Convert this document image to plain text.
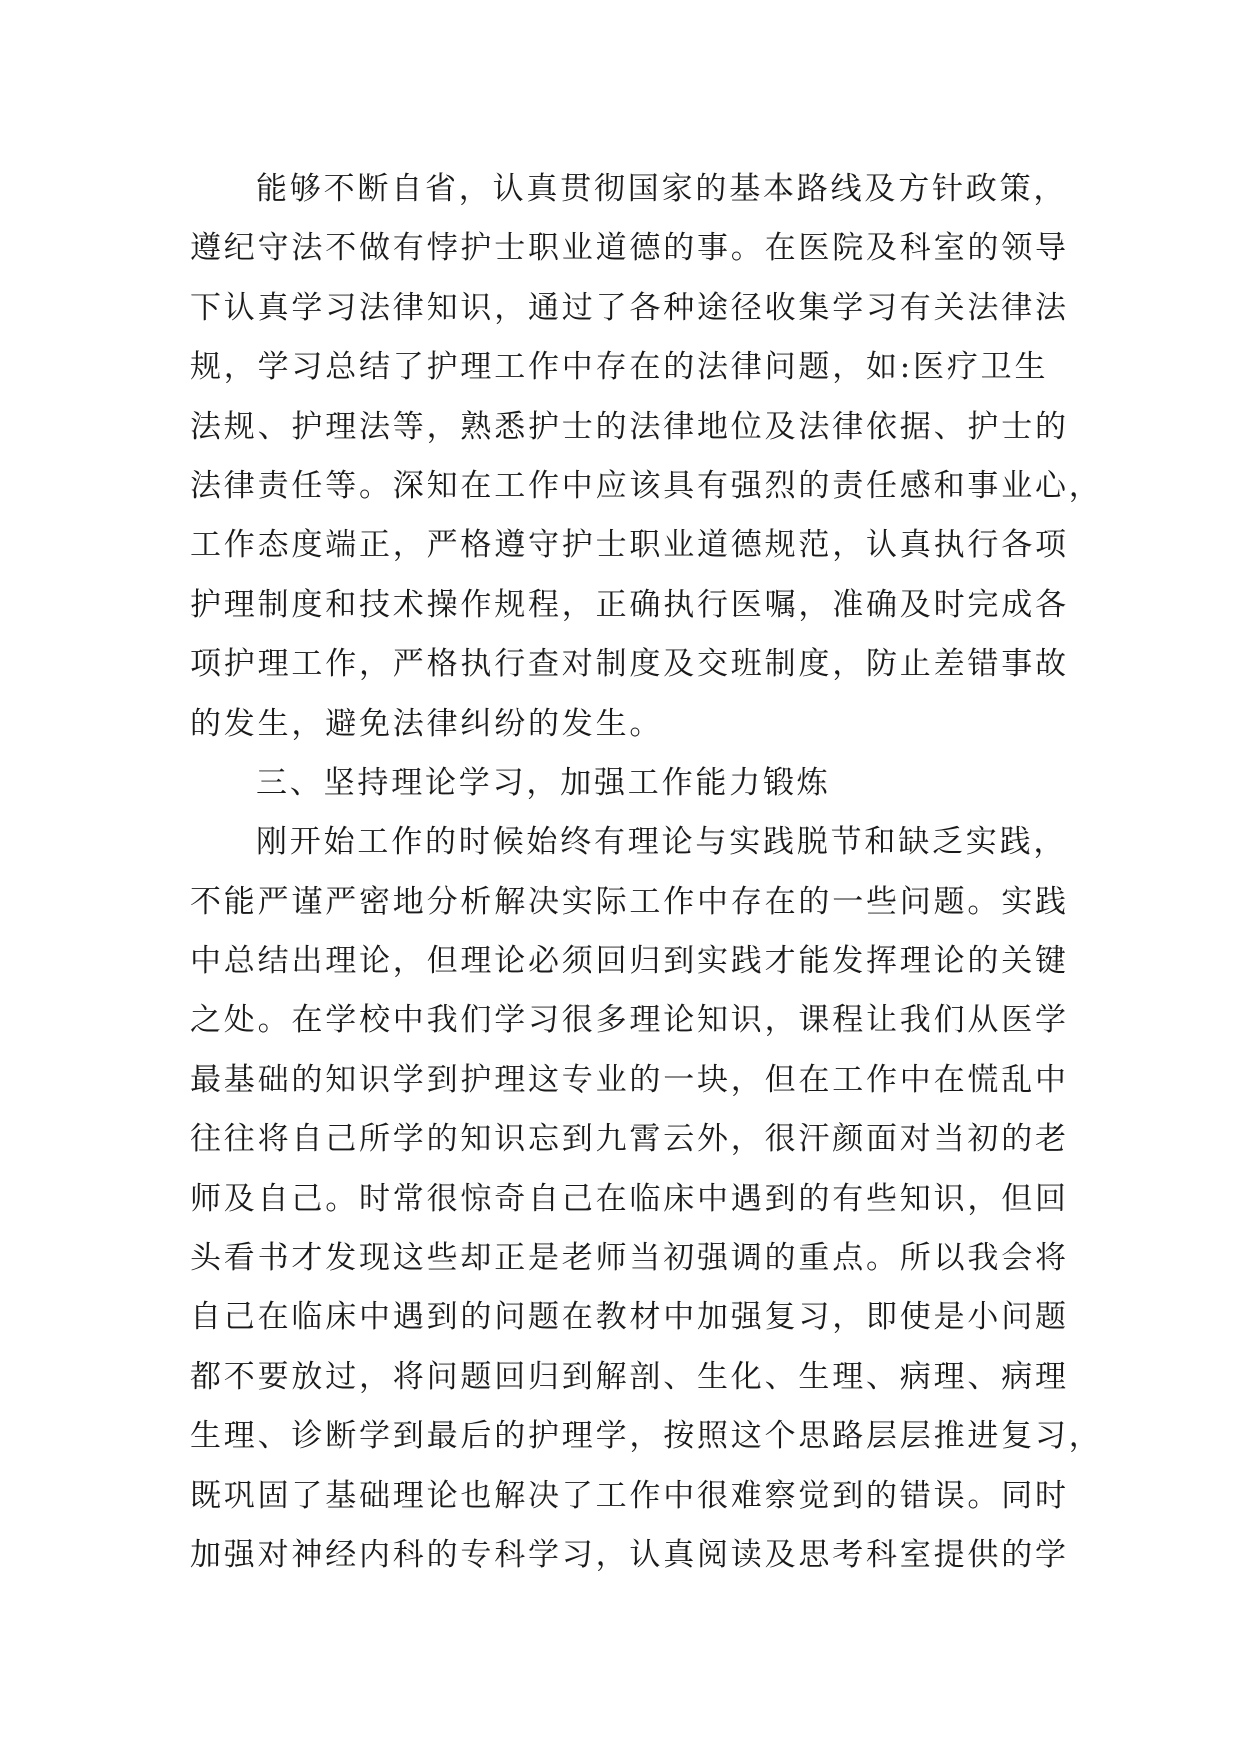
能够不断自省，认真贯彻国家的基本路线及方针政策，
遵纪守法不做有悖护士职业道德的事。在医院及科室的领导
下认真学习法律知识，通过了各种途径收集学习有关法律法
规，学习总结了护理工作中存在的法律问题，如:医疗卫生
法规、护理法等，熟悉护士的法律地位及法律依据、护士的
法律责任等。深知在工作中应该具有强烈的责任感和事业心，
工作态度端正，严格遵守护士职业道德规范，认真执行各项
护理制度和技术操作规程，正确执行医嘱，准确及时完成各
项护理工作，严格执行查对制度及交班制度，防止差错事故
的发生，避免法律纠纷的发生。
三、坚持理论学习，加强工作能力锻炼
刚开始工作的时候始终有理论与实践脱节和缺乏实践，
不能严谨严密地分析解决实际工作中存在的一些问题。实践
中总结出理论，但理论必须回归到实践才能发挥理论的关键
之处。在学校中我们学习很多理论知识，课程让我们从医学
最基础的知识学到护理这专业的一块，但在工作中在慌乱中
往往将自己所学的知识忘到九霄云外，很汗颜面对当初的老
师及自己。时常很惊奇自己在临床中遇到的有些知识，但回
头看书才发现这些却正是老师当初强调的重点。所以我会将
自己在临床中遇到的问题在教材中加强复习，即使是小问题
都不要放过，将问题回归到解剖、生化、生理、病理、病理
生理、诊断学到最后的护理学，按照这个思路层层推进复习，
既巩固了基础理论也解决了工作中很难察觉到的错误。同时
加强对神经内科的专科学习，认真阅读及思考科室提供的学
